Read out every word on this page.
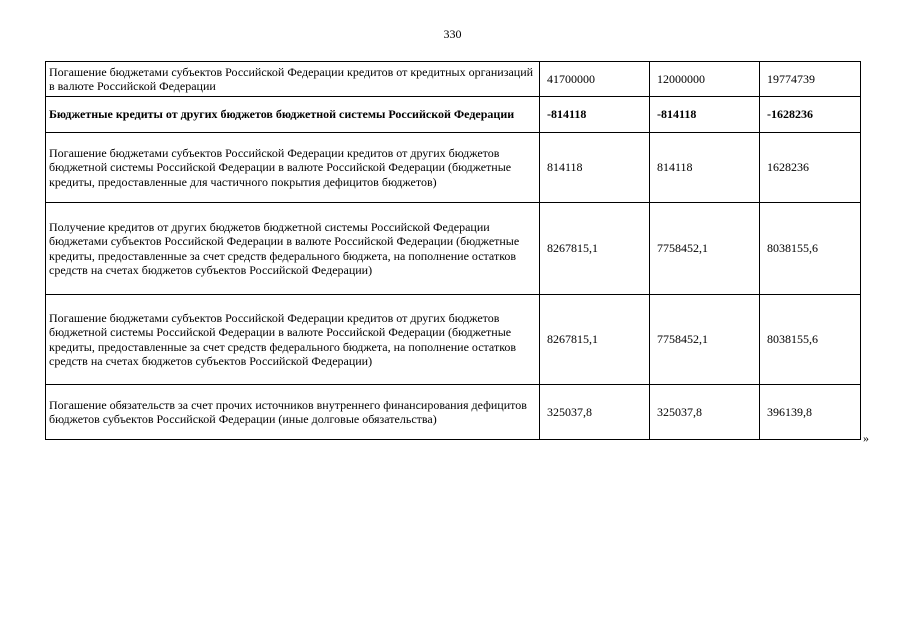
330
Погашение бюджетами субъектов Российской Федерации кредитов от кредитных организаций в валюте Российской Федерации	41700000	12000000	19774739
Бюджетные кредиты от других бюджетов бюджетной системы Российской Федерации	-814118	-814118	-1628236
Погашение бюджетами субъектов Российской Федерации кредитов от других бюджетов бюджетной системы Российской Федерации в валюте Российской Федерации (бюджетные кредиты, предоставленные для частичного покрытия дефицитов бюджетов)	814118	814118	1628236
Получение кредитов от других бюджетов бюджетной системы Российской Федерации бюджетами субъектов Российской Федерации в валюте Российской Федерации (бюджетные кредиты, предоставленные за счет средств федерального бюджета, на пополнение остатков средств на счетах бюджетов субъектов Российской Федерации)	8267815,1	7758452,1	8038155,6
Погашение бюджетами субъектов Российской Федерации кредитов от других бюджетов бюджетной системы Российской Федерации в валюте Российской Федерации (бюджетные кредиты, предоставленные за счет средств федерального бюджета, на пополнение остатков средств на счетах бюджетов субъектов Российской Федерации)	8267815,1	7758452,1	8038155,6
Погашение обязательств за счет прочих источников внутреннего финансирования дефицитов бюджетов субъектов Российской Федерации (иные долговые обязательства)	325037,8	325037,8	396139,8
»
